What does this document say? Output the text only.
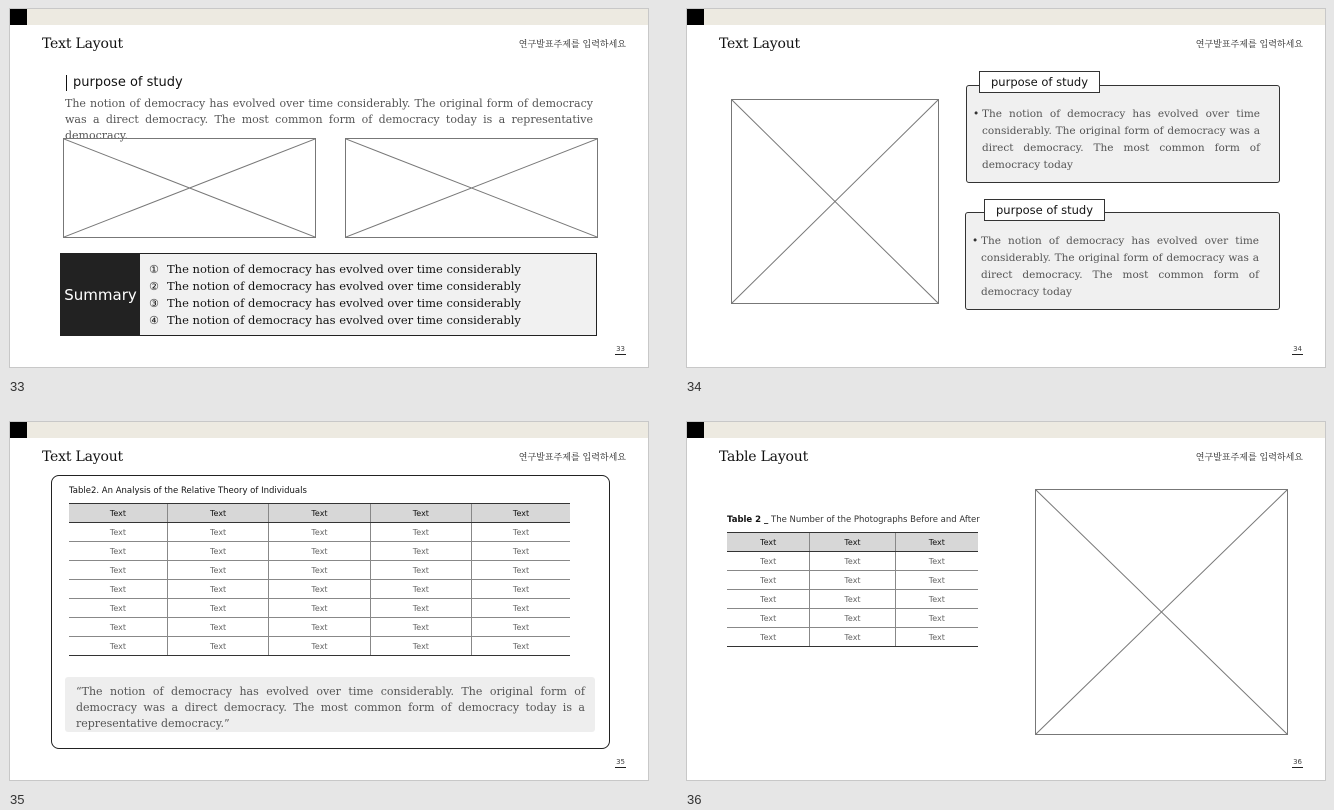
Text Layout	연구발표주제를 입력하세요
purpose of study
The notion of democracy has evolved over time considerably. The original form of democracy was a direct democracy. The most common form of democracy today is a representative democracy.
Summary
① The notion of democracy has evolved over time considerably
② The notion of democracy has evolved over time considerably
③ The notion of democracy has evolved over time considerably
④ The notion of democracy has evolved over time considerably
33
33
Text Layout	연구발표주제를 입력하세요
• The notion of democracy has evolved over time considerably. The original form of democracy was a direct democracy. The most common form of democracy today
purpose of study
• The notion of democracy has evolved over time considerably. The original form of democracy was a direct democracy. The most common form of democracy today
purpose of study
34
34
Text Layout	연구발표주제를 입력하세요
Table2. An Analysis of the Relative Theory of Individuals
Text	Text	Text	Text	Text
Text	Text	Text	Text	Text
Text	Text	Text	Text	Text
Text	Text	Text	Text	Text
Text	Text	Text	Text	Text
Text	Text	Text	Text	Text
Text	Text	Text	Text	Text
Text	Text	Text	Text	Text
“The notion of democracy has evolved over time considerably. The original form of democracy was a direct democracy. The most common form of democracy today is a representative democracy.”
35
35
Table Layout	연구발표주제를 입력하세요
Table 2 _ The Number of the Photographs Before and After
Text	Text	Text
Text	Text	Text
Text	Text	Text
Text	Text	Text
Text	Text	Text
Text	Text	Text
36
36
